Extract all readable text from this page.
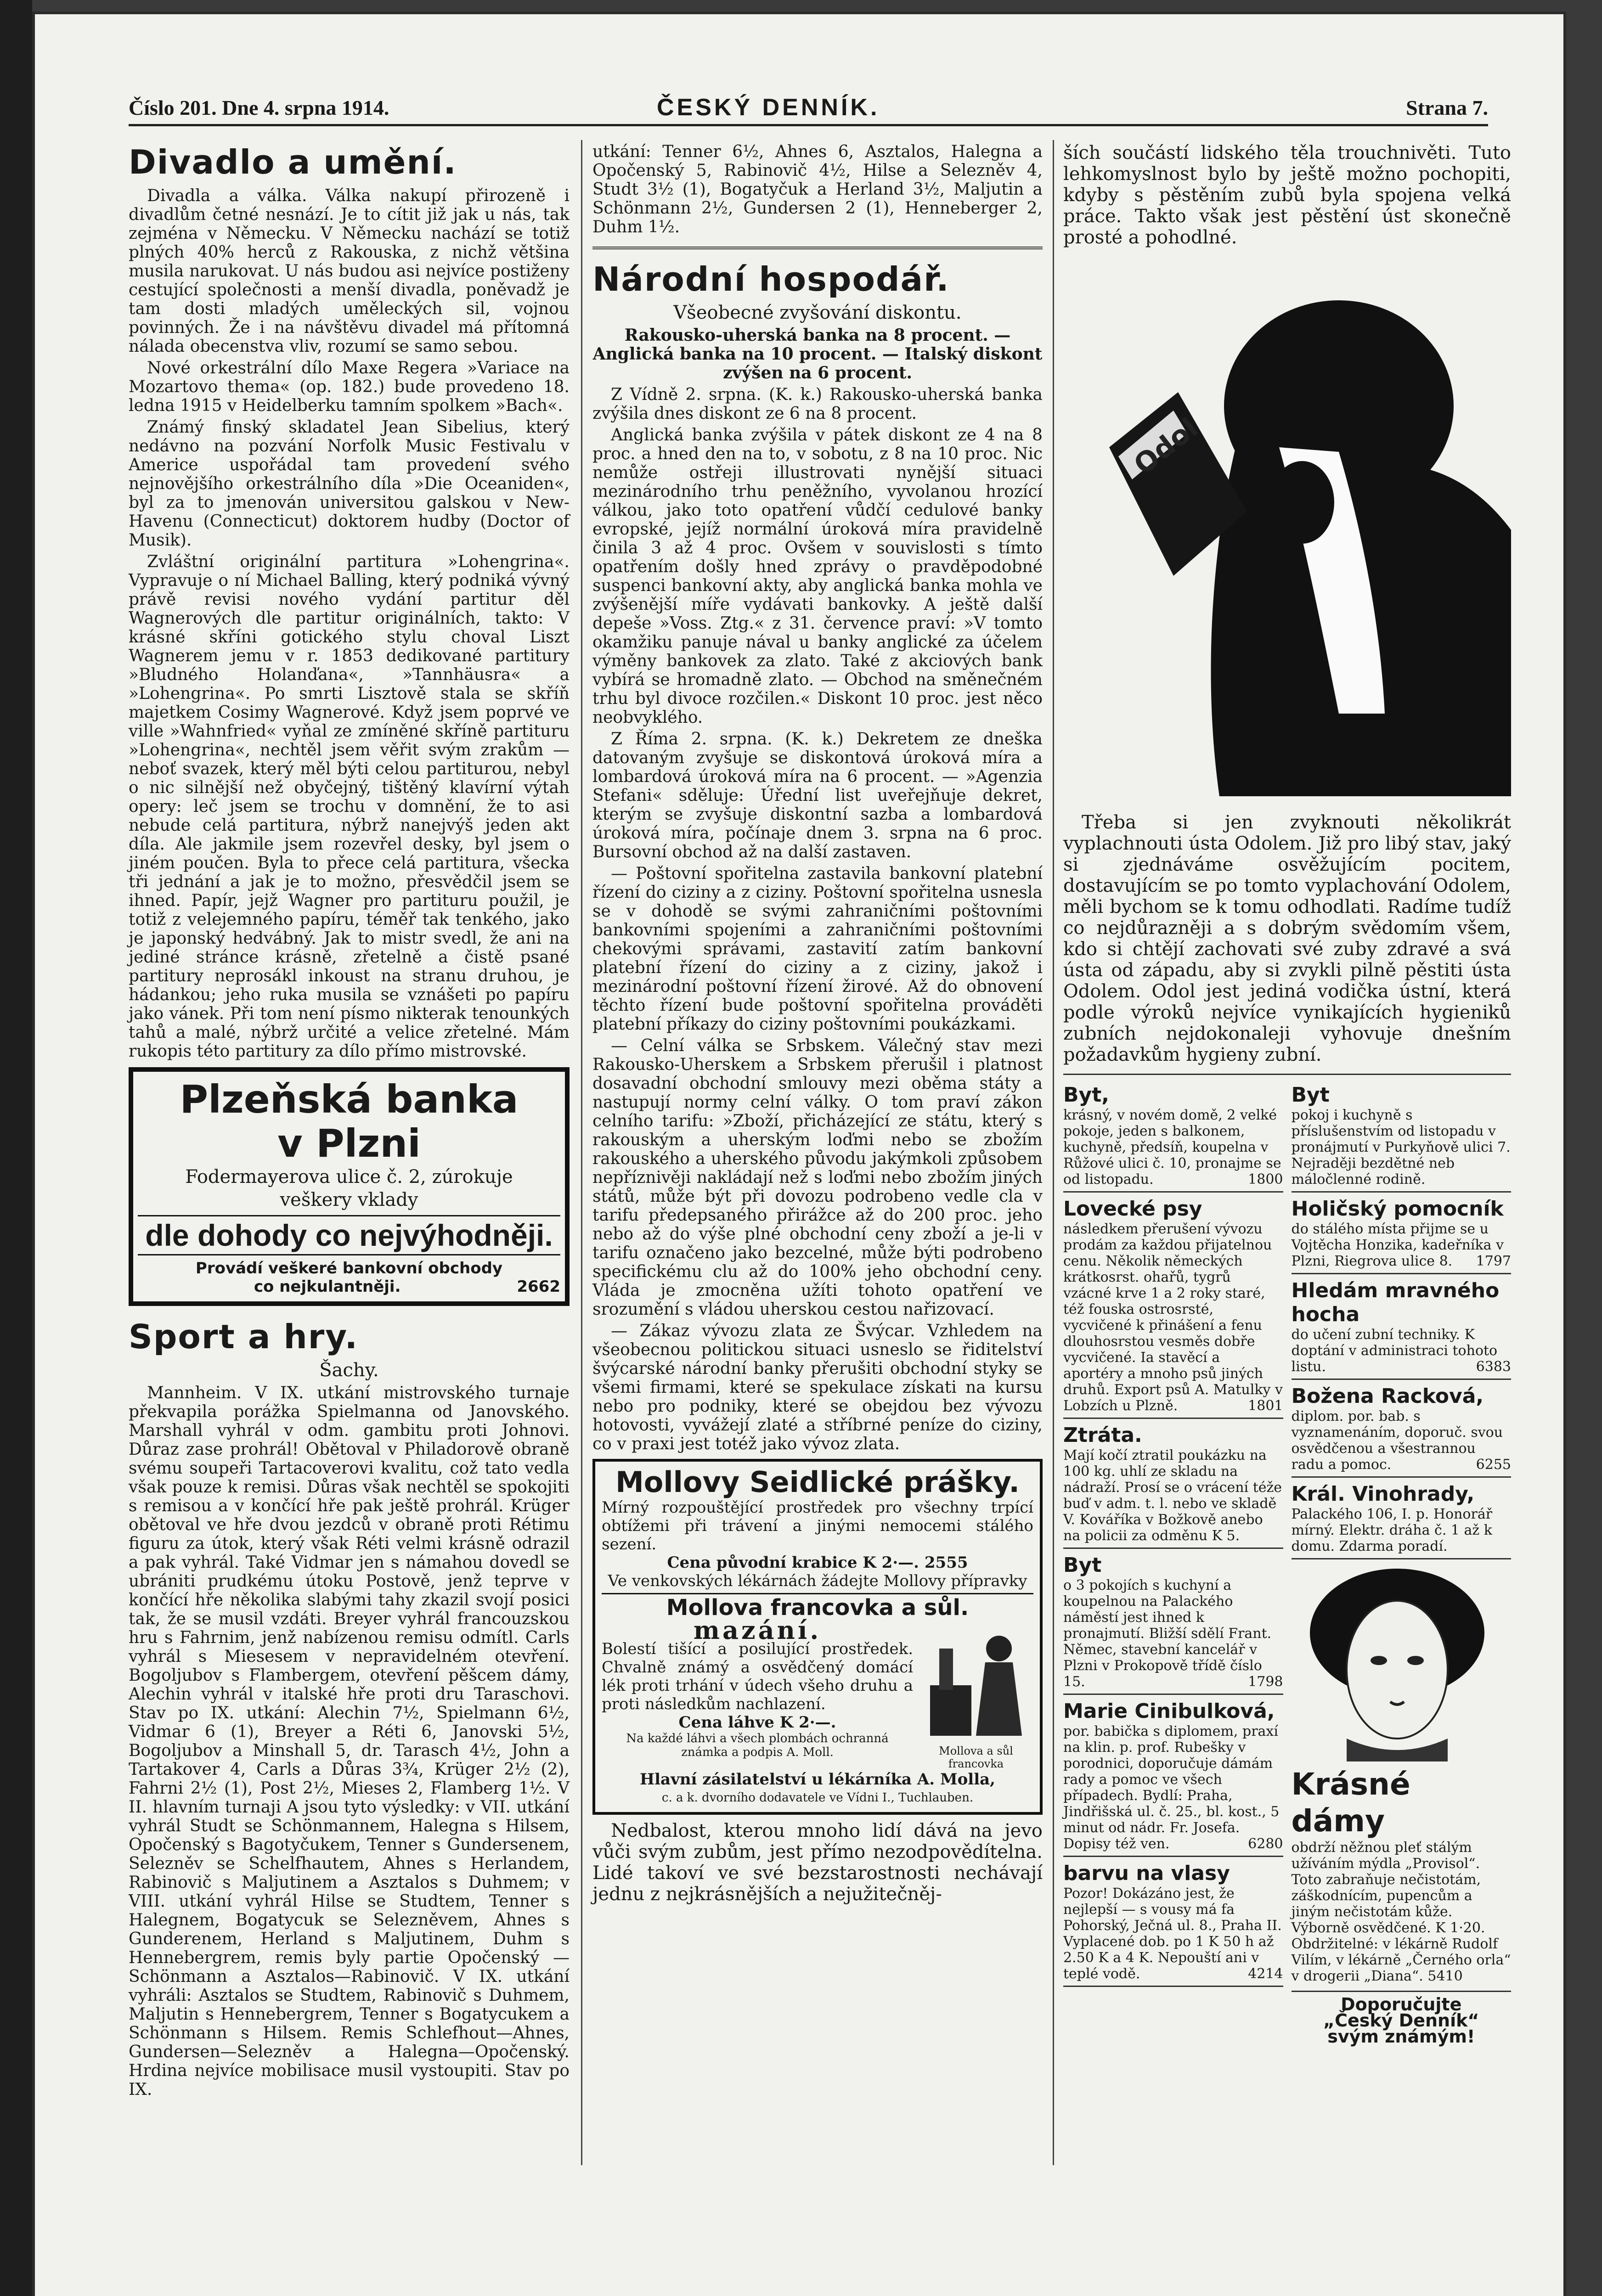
Číslo 201. Dne 4. srpna 1914.	ČESKÝ DENNÍK.	Strana 7.
Divadlo a umění.

Divadla a válka. Válka nakupí přirozeně i divadlům četné nesnází. Je to cítit již jak u nás, tak zejména v Německu. V Německu nachází se totiž plných 40% herců z Rakouska, z nichž většina musila narukovat. U nás budou asi nejvíce postiženy cestující společnosti a menší divadla, poněvadž je tam dosti mladých uměleckých sil, vojnou povinných. Že i na návštěvu divadel má přítomná nálada obecenstva vliv, rozumí se samo sebou.

Nové orkestrální dílo Maxe Regera »Variace na Mozartovo thema« (op. 182.) bude provedeno 18. ledna 1915 v Heidelberku tamním spolkem »Bach«.

Známý finský skladatel Jean Sibelius, který nedávno na pozvání Norfolk Music Festivalu v Americe uspořádal tam provedení svého nejnovějšího orkestrálního díla »Die Oceaniden«, byl za to jmenován universitou galskou v New-Havenu (Connecticut) doktorem hudby (Doctor of Musik).

Zvláštní originální partitura »Lohengrina«. Vypravuje o ní Michael Balling, který podniká vývný právě revisi nového vydání partitur děl Wagnerových dle partitur originálních, takto: V krásné skříni gotického stylu choval Liszt Wagnerem jemu v r. 1853 dedikované partitury »Bludného Holanďana«, »Tannhäusra« a »Lohengrina«. Po smrti Lisztově stala se skříň majetkem Cosimy Wagnerové. Když jsem poprvé ve ville »Wahnfried« vyňal ze zmíněné skříně partituru »Lohengrina«, nechtěl jsem věřit svým zrakům — neboť svazek, který měl býti celou partiturou, nebyl o nic silnější než obyčejný, tištěný klavírní výtah opery: leč jsem se trochu v domnění, že to asi nebude celá partitura, nýbrž nanejvýš jeden akt díla. Ale jakmile jsem rozevřel desky, byl jsem o jiném poučen. Byla to přece celá partitura, všecka tři jednání a jak je to možno, přesvědčil jsem se ihned. Papír, jejž Wagner pro partituru použil, je totiž z velejemného papíru, téměř tak tenkého, jako je japonský hedvábný. Jak to mistr svedl, že ani na jediné stránce krásně, zřetelně a čistě psané partitury neprosákl inkoust na stranu druhou, je hádankou; jeho ruka musila se vznášeti po papíru jako vánek. Při tom není písmo nikterak tenounkých tahů a malé, nýbrž určité a velice zřetelné. Mám rukopis této partitury za dílo přímo mistrovské.

Plzeňská banka
v Plzni
Fodermayerova ulice č. 2, zúrokuje
veškery vklady
dle dohody co nejvýhodněji.
Provádí veškeré bankovní obchody
co nejkulantněji.	2662
Sport a hry.
Šachy.

Mannheim. V IX. utkání mistrovského turnaje překvapila porážka Spielmanna od Janovského. Marshall vyhrál v odm. gambitu proti Johnovi. Důraz zase prohrál! Obětoval v Philadorově obraně svému soupeři Tartacoverovi kvalitu, což tato vedla však pouze k remisi. Důras však nechtěl se spokojiti s remisou a v končící hře pak ještě prohrál. Krüger obětoval ve hře dvou jezdců v obraně proti Rétimu figuru za útok, který však Réti velmi krásně odrazil a pak vyhrál. Také Vidmar jen s námahou dovedl se ubrániti prudkému útoku Postově, jenž teprve v končící hře několika slabými tahy zkazil svojí posici tak, že se musil vzdáti. Breyer vyhrál francouzskou hru s Fahrnim, jenž nabízenou remisu odmítl. Carls vyhrál s Miesesem v nepravidelném otevření. Bogoljubov s Flambergem, otevření pěšcem dámy, Alechin vyhrál v italské hře proti dru Taraschovi. Stav po IX. utkání: Alechin 7½, Spielmann 6½, Vidmar 6 (1), Breyer a Réti 6, Janovski 5½, Bogoljubov a Minshall 5, dr. Tarasch 4½, John a Tartakover 4, Carls a Důras 3¾, Krüger 2½ (2), Fahrni 2½ (1), Post 2½, Mieses 2, Flamberg 1½. V II. hlavním turnaji A jsou tyto výsledky: v VII. utkání vyhrál Studt se Schönmannem, Halegna s Hilsem, Opočenský s Bagotyčukem, Tenner s Gundersenem, Selezněv se Schelfhautem, Ahnes s Herlandem, Rabinovič s Maljutinem a Asztalos s Duhmem; v VIII. utkání vyhrál Hilse se Studtem, Tenner s Halegnem, Bogatycuk se Selezněvem, Ahnes s Gunderenem, Herland s Maljutinem, Duhm s Hennebergrem, remis byly partie Opočenský —Schönmann a Asztalos—Rabinovič. V IX. utkání vyhráli: Asztalos se Studtem, Rabinovič s Duhmem, Maljutin s Hennebergrem, Tenner s Bogatycukem a Schönmann s Hilsem. Remis Schlefhout—Ahnes, Gundersen—Selezněv a Halegna—Opočenský. Hrdina nejvíce mobilisace musil vystoupiti. Stav po IX.

utkání: Tenner 6½, Ahnes 6, Asztalos, Halegna a Opočenský 5, Rabinovič 4½, Hilse a Selezněv 4, Studt 3½ (1), Bogatyčuk a Herland 3½, Maljutin a Schönmann 2½, Gundersen 2 (1), Henneberger 2, Duhm 1½.

Národní hospodář.
Všeobecné zvyšování diskontu.

Rakousko-uherská banka na 8 procent. — Anglická banka na 10 procent. — Italský diskont zvýšen na 6 procent.

Z Vídně 2. srpna. (K. k.) Rakousko-uherská banka zvýšila dnes diskont ze 6 na 8 procent.

Anglická banka zvýšila v pátek diskont ze 4 na 8 proc. a hned den na to, v sobotu, z 8 na 10 proc. Nic nemůže ostřeji illustrovati nynější situaci mezinárodního trhu peněžního, vyvolanou hrozící válkou, jako toto opatření vůdčí cedulové banky evropské, jejíž normální úroková míra pravidelně činila 3 až 4 proc. Ovšem v souvislosti s tímto opatřením došly hned zprávy o pravděpodobné suspenci bankovní akty, aby anglická banka mohla ve zvýšenější míře vydávati bankovky. A ještě další depeše »Voss. Ztg.« z 31. července praví: »V tomto okamžiku panuje nával u banky anglické za účelem výměny bankovek za zlato. Také z akciových bank vybírá se hromadně zlato. — Obchod na směnečném trhu byl divoce rozčilen.« Diskont 10 proc. jest něco neobvyklého.

Z Říma 2. srpna. (K. k.) Dekretem ze dneška datovaným zvyšuje se diskontová úroková míra a lombardová úroková míra na 6 procent. — »Agenzia Stefani« sděluje: Úřední list uveřejňuje dekret, kterým se zvyšuje diskontní sazba a lombardová úroková míra, počínaje dnem 3. srpna na 6 proc. Bursovní obchod až na další zastaven.

— Poštovní spořitelna zastavila bankovní platební řízení do ciziny a z ciziny. Poštovní spořitelna usnesla se v dohodě se svými zahraničními poštovními bankovními spojeními a zahraničními poštovními chekovými správami, zastavití zatím bankovní platební řízení do ciziny a z ciziny, jakož i mezinárodní poštovní řízení žirové. Až do obnovení těchto řízení bude poštovní spořitelna prováděti platební příkazy do ciziny poštovními poukázkami.

— Celní válka se Srbskem. Válečný stav mezi Rakousko-Uherskem a Srbskem přerušil i platnost dosavadní obchodní smlouvy mezi oběma státy a nastupují normy celní války. O tom praví zákon celního tarifu: »Zboží, přicházející ze státu, který s rakouským a uherským loďmi nebo se zbožím rakouského a uherského původu jakýmkoli způsobem nepříznivěji nakládají než s loďmi nebo zbožím jiných států, může být při dovozu podrobeno vedle cla v tarifu předepsaného přirážce až do 200 proc. jeho nebo až do výše plné obchodní ceny zboží a je-li v tarifu označeno jako bezcelné, může býti podrobeno specifickému clu až do 100% jeho obchodní ceny. Vláda je zmocněna užíti tohoto opatření ve srozumění s vládou uherskou cestou nařizovací.

— Zákaz vývozu zlata ze Švýcar. Vzhledem na všeobecnou politickou situaci usneslo se řiditelství švýcarské národní banky přerušiti obchodní styky se všemi firmami, které se spekulace získati na kursu nebo pro podniky, které se obejdou bez vývozu hotovosti, vyvážejí zlaté a stříbrné peníze do ciziny, co v praxi jest totéž jako vývoz zlata.

Mollovy Seidlické prášky.
Mírný rozpouštějící prostředek pro všechny trpící obtížemi při trávení a jinými nemocemi stálého sezení.
Cena původní krabice K 2·—. 2555
Ve venkovských lékárnách žádejte Mollovy přípravky
Mollova francovka a sůl.
mazání.
Bolestí tišící a posilující prostředek. Chvalně známý a osvědčený domácí lék proti trhání v údech všeho druhu a proti následkům nachlazení.
Cena láhve K 2·—.
Na každé láhvi a všech plombách ochranná známka a podpis A. Moll.	Mollova a sůl francovka
Hlavní zásilatelství u lékárníka A. Molla,
c. a k. dvorního dodavatele ve Vídni I., Tuchlauben.

Nedbalost, kterou mnoho lidí dává na jevo vůči svým zubům, jest přímo nezodpovědítelna. Lidé takoví ve své bezstarostnosti nechávají jednu z nejkrásnějších a nejužitečněj-

ších součástí lidského těla trouchnivěti. Tuto lehkomyslnost bylo by ještě možno pochopiti, kdyby s pěstěním zubů byla spojena velká práce. Takto však jest pěstění úst skonečně prosté a pohodlné.

Odol

Třeba si jen zvyknouti několikrát vyplachnouti ústa Odolem. Již pro libý stav, jaký si zjednáváme osvěžujícím pocitem, dostavujícím se po tomto vyplachování Odolem, měli bychom se k tomu odhodlati. Radíme tudíž co nejdůrazněji a s dobrým svědomím všem, kdo si chtějí zachovati své zuby zdravé a svá ústa od západu, aby si zvykli pilně pěstiti ústa Odolem. Odol jest jediná vodička ústní, která podle výroků nejvíce vynikajících hygieniků zubních nejdokonaleji vyhovuje dnešním požadavkům hygieny zubní.

Byt,
krásný, v novém domě, 2 velké pokoje, jeden s balkonem, kuchyně, předsíň, koupelna v Růžové ulici č. 10, pronajme se od listopadu.	1800
Lovecké psy
následkem přerušení vývozu prodám za každou přijatelnou cenu. Několik německých krátkosrst. ohařů, tygrů vzácné krve 1 a 2 roky staré, též fouska ostrosrsté, vycvičené k přinášení a fenu dlouhosrstou vesměs dobře vycvičené. Ia stavěcí a aportéry a mnoho psů jiných druhů. Export psů A. Matulky v Lobzích u Plzně.	1801
Ztráta.
Mají kočí ztratil poukázku na 100 kg. uhlí ze skladu na nádraží. Prosí se o vrácení téže buď v adm. t. l. nebo ve skladě V. Kováříka v Božkově anebo na policii za odměnu K 5.
Byt
o 3 pokojích s kuchyní a koupelnou na Palackého náměstí jest ihned k pronajmutí. Bližší sdělí Frant. Němec, stavební kancelář v Plzni v Prokopově třídě číslo 15.	1798
Marie Cinibulková,
por. babička s diplomem, praxí na klin. p. prof. Rubešky v porodnici, doporučuje dámám rady a pomoc ve všech případech. Bydlí: Praha, Jindřišská ul. č. 25., bl. kost., 5 minut od nádr. Fr. Josefa. Dopisy též ven.	6280
barvu na vlasy
Pozor! Dokázáno jest, že nejlepší — s vousy má fa Pohorský, Ječná ul. 8., Praha II. Vyplacené dob. po 1 K 50 h až 2.50 K a 4 K. Nepouští ani v teplé vodě.	4214
Byt
pokoj i kuchyně s příslušenstvím od listopadu v pronájmutí v Purkyňově ulici 7. Nejraději bezdětné neb máločlenné rodině.
Holičský pomocník
do stálého místa přijme se u Vojtěcha Honzika, kadeřníka v Plzni, Riegrova ulice 8. 1797
Hledám mravného hocha
do učení zubní techniky. K doptání v administraci tohoto listu.	6383
Božena Racková,
diplom. por. bab. s vyznamenáním, doporuč. svou osvědčenou a všestrannou radu a pomoc.	6255
Král. Vinohrady,
Palackého 106, I. p. Honorář mírný. Elektr. dráha č. 1 až k domu. Zdarma poradí.
Krásné dámy
obdrží něžnou pleť stálým užíváním mýdla „Provisol“. Toto zabraňuje nečistotám, záškodnícím, pupencům a jiným nečistotám kůže. Výborně osvědčené. K 1·20. Obdržitelné: v lékárně Rudolf Vilím, v lékárně „Černého orla“ v drogerii „Diana“. 5410
Doporučujte
„Český Denník“
svým známým!
